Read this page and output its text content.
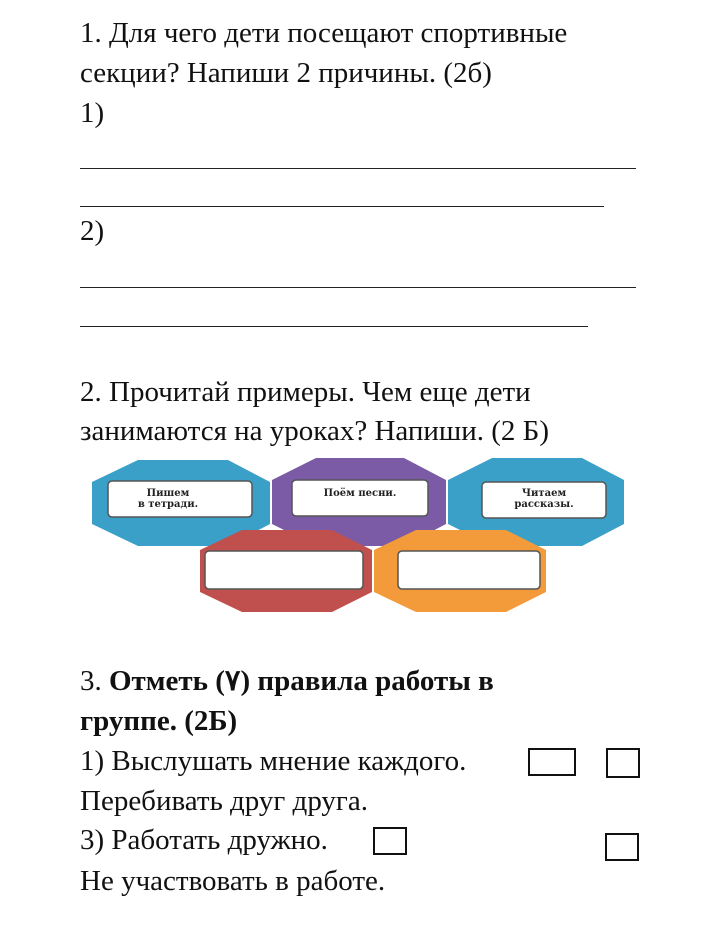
1. Для чего дети посещают спортивные
секции? Напиши 2 причины. (2б)
1)
2)
2. Прочитай примеры. Чем еще дети
занимаются на уроках? Напиши. (2 Б)
Пишем
в тетради.
Поём песни.	Читаем
рассказы.
3. Отметь (٧) правила работы в
группе. (2Б)
1) Выслушать мнение каждого.
Перебивать друг друга.
3) Работать дружно.
Не участвовать в работе.
